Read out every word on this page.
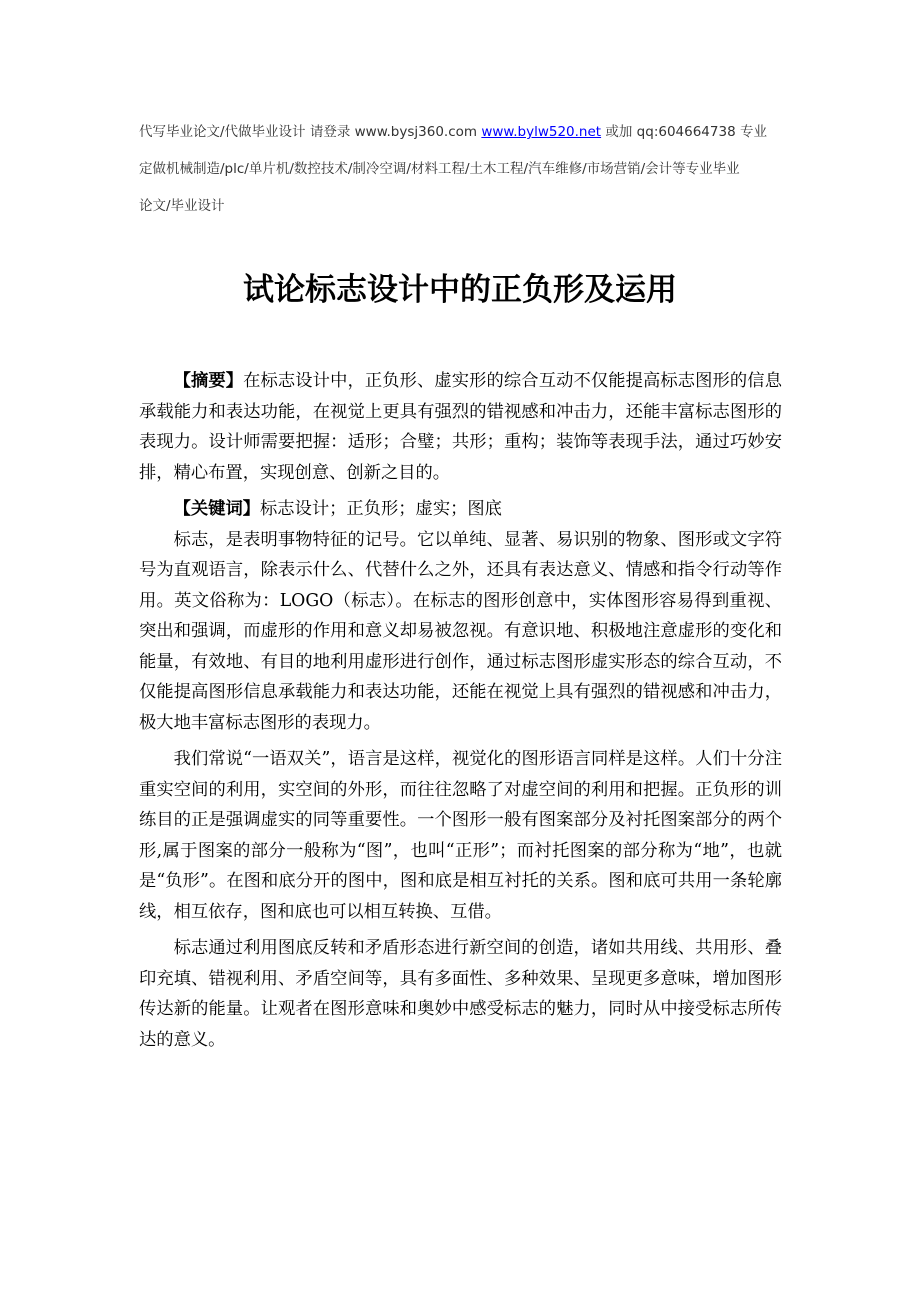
代写毕业论文/代做毕业设计 请登录 www.bysj360.com www.bylw520.net 或加 qq:604664738 专业
定做机械制造/plc/单片机/数控技术/制冷空调/材料工程/土木工程/汽车维修/市场营销/会计等专业毕业
论文/毕业设计
试论标志设计中的正负形及运用

【摘要】在标志设计中，正负形、虚实形的综合互动不仅能提高标志图形的信息承载能力和表达功能，在视觉上更具有强烈的错视感和冲击力，还能丰富标志图形的表现力。设计师需要把握：适形；合璧；共形；重构；装饰等表现手法，通过巧妙安排，精心布置，实现创意、创新之目的。

【关键词】标志设计；正负形；虚实；图底

标志，是表明事物特征的记号。它以单纯、显著、易识别的物象、图形或文字符号为直观语言，除表示什么、代替什么之外，还具有表达意义、情感和指令行动等作用。英文俗称为：LOGO（标志）。在标志的图形创意中，实体图形容易得到重视、突出和强调，而虚形的作用和意义却易被忽视。有意识地、积极地注意虚形的变化和能量，有效地、有目的地利用虚形进行创作，通过标志图形虚实形态的综合互动，不仅能提高图形信息承载能力和表达功能，还能在视觉上具有强烈的错视感和冲击力，极大地丰富标志图形的表现力。

我们常说“一语双关”，语言是这样，视觉化的图形语言同样是这样。人们十分注重实空间的利用，实空间的外形，而往往忽略了对虚空间的利用和把握。正负形的训练目的正是强调虚实的同等重要性。一个图形一般有图案部分及衬托图案部分的两个形,属于图案的部分一般称为“图”，也叫“正形”；而衬托图案的部分称为“地”，也就是“负形”。在图和底分开的图中，图和底是相互衬托的关系。图和底可共用一条轮廓线，相互依存，图和底也可以相互转换、互借。

标志通过利用图底反转和矛盾形态进行新空间的创造，诸如共用线、共用形、叠印充填、错视利用、矛盾空间等，具有多面性、多种效果、呈现更多意味，增加图形传达新的能量。让观者在图形意味和奥妙中感受标志的魅力，同时从中接受标志所传达的意义。
